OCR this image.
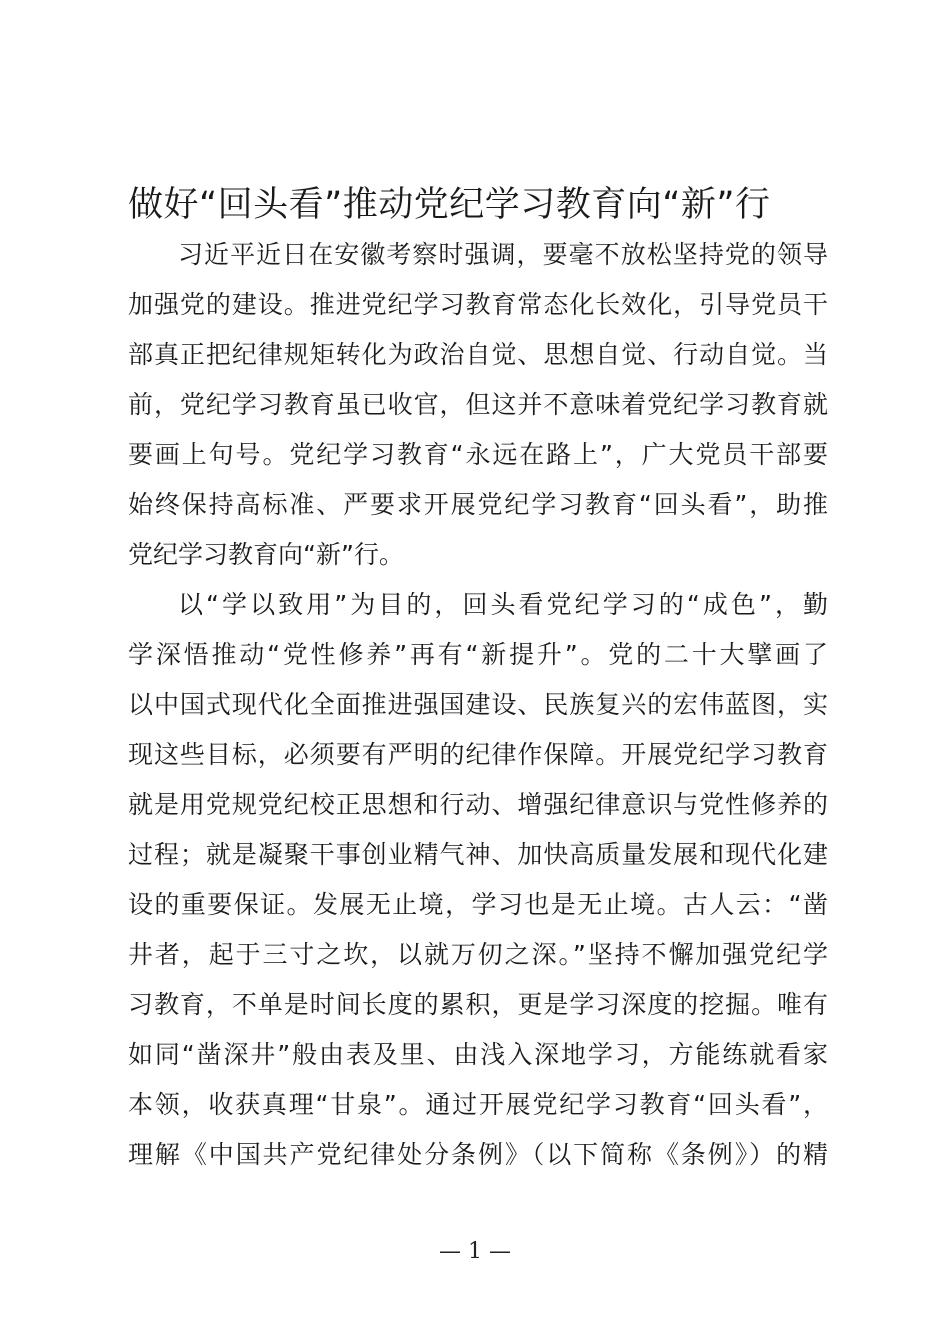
做好“回头看”推动党纪学习教育向“新”行

习近平近日在安徽考察时强调，要毫不放松坚持党的领导
加强党的建设。推进党纪学习教育常态化长效化，引导党员干
部真正把纪律规矩转化为政治自觉、思想自觉、行动自觉。当
前，党纪学习教育虽已收官，但这并不意味着党纪学习教育就
要画上句号。党纪学习教育“永远在路上”，广大党员干部要
始终保持高标准、严要求开展党纪学习教育“回头看”，助推
党纪学习教育向“新”行。

以“学以致用”为目的，回头看党纪学习的“成色”，勤
学深悟推动“党性修养”再有“新提升”。党的二十大擘画了
以中国式现代化全面推进强国建设、民族复兴的宏伟蓝图，实
现这些目标，必须要有严明的纪律作保障。开展党纪学习教育
就是用党规党纪校正思想和行动、增强纪律意识与党性修养的
过程；就是凝聚干事创业精气神、加快高质量发展和现代化建
设的重要保证。发展无止境，学习也是无止境。古人云：“凿
井者，起于三寸之坎，以就万仞之深。”坚持不懈加强党纪学
习教育，不单是时间长度的累积，更是学习深度的挖掘。唯有
如同“凿深井”般由表及里、由浅入深地学习，方能练就看家
本领，收获真理“甘泉”。通过开展党纪学习教育“回头看”，
理解《中国共产党纪律处分条例》（以下简称《条例》）的精

— 1 —
